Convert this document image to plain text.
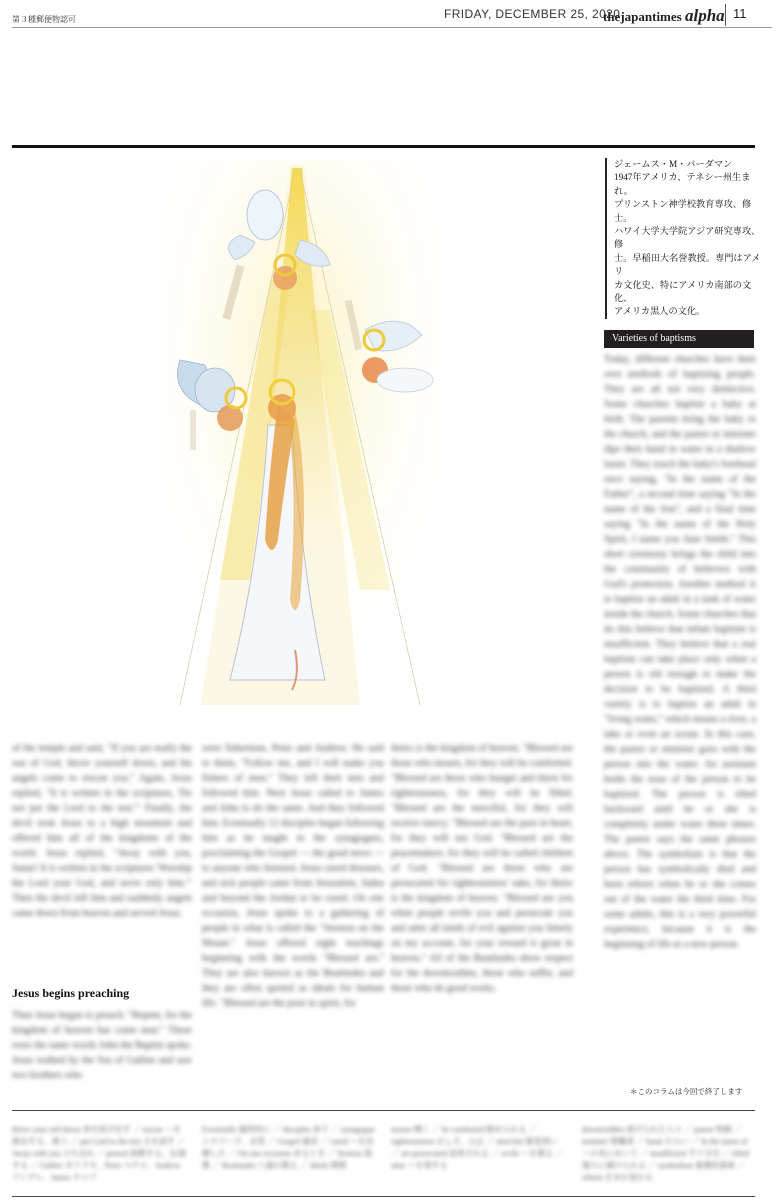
第３種郵便物認可	FRIDAY, DECEMBER 25, 2020
thejapantimes alpha 11
ジェームス・M・バーダマン
1947年アメリカ、テネシー州生まれ。
プリンストン神学校教育専攻、修士。
ハワイ大学大学院アジア研究専攻、修
士。早稲田大名誉教授。専門はアメリ
カ文化史、特にアメリカ南部の文化、
アメリカ黒人の文化。
Varieties of baptisms
Today, different churches have their own methods of baptizing people. They are all not very distinctive. Some churches baptize a baby at birth. The parents bring the baby to the church, and the pastor or minister dips their hand in water in a shallow basin. They touch the baby's forehead once saying, "In the name of the Father", a second time saying "In the name of the Son", and a final time saying "In the name of the Holy Spirit, I name you Jane Smith." This short ceremony brings the child into the community of believers with God's protection. Another method is to baptize an adult in a tank of water inside the church. Some churches that do this believe that infant baptism is insufficient. They believe that a real baptism can take place only when a person is old enough to make the decision to be baptized. A third variety is to baptize an adult in "living water," which means a river, a lake or even an ocean. In this case, the pastor or minister goes with the person into the water. An assistant holds the nose of the person to be baptized. The person is tilted backward until he or she is completely under water three times. The pastor says the same phrases above. The symbolism is that the person has symbolically died and been reborn when he or she comes out of the water the third time. For some adults, this is a very powerful experience, because it is the beginning of life as a new person.
of the temple and said, "If you are really the son of God, throw yourself down, and his angels come to rescue you." Again, Jesus replied, "It is written in the scriptures, 'Do not put the Lord to the test.'" Finally, the devil took Jesus to a high mountain and offered him all of the kingdoms of the world. Jesus replied, "Away with you, Satan! It is written in the scriptures 'Worship the Lord your God, and serve only him.'" Then the devil left him and suddenly angels came down from heaven and served Jesus.
Jesus begins preaching
Then Jesus began to preach: "Repent, for the kingdom of heaven has come near." These were the same words John the Baptist spoke. Jesus walked by the Sea of Galilee and saw two brothers who
were fishermen, Peter and Andrew. He said to them, "Follow me, and I will make you fishers of men." They left their nets and followed him. Next Jesus called to James and John to do the same. And they followed him. Eventually 12 disciples began following him as he taught in the synagogues, proclaiming the Gospel — the good news — to anyone who listened. Jesus cured diseases, and sick people came from Jerusalem, Judea and beyond the Jordan to be cured. On one occasion, Jesus spoke to a gathering of people in what is called the "Sermon on the Mount." Jesus offered eight teachings beginning with the words "Blessed are." They are also known as the Beatitudes and they are often quoted as ideals for human life. "Blessed are the poor in spirit, for
theirs is the kingdom of heaven. "Blessed are those who mourn, for they will be comforted. "Blessed are those who hunger and thirst for righteousness, for they will be filled. "Blessed are the merciful, for they will receive mercy. "Blessed are the pure in heart, for they will see God. "Blessed are the peacemakers, for they will be called children of God. "Blessed are those who are persecuted for righteousness' sake, for theirs is the kingdom of heaven. "Blessed are you when people revile you and persecute you and utter all kinds of evil against you falsely on my account, for your reward is great in heaven." All of the Beatitudes show respect for the downtrodden, those who suffer, and those who do good works.
＊このコラムは今回で終了します
throw your self down 身を投げ出す ／ rescue ～を救出する、救う ／ put Lord to the test 主を試す ／ Away with you 立ち去れ ／ preach 説教する、伝道する ／ Galilee ガリラヤ、Peter ペテロ、Andrew アンデレ、James ヤコブ
Eventually 最終的に ／ disciples 弟子 ／ synagogue シナゴーグ、会堂 ／ Gospel 福音 ／ cured ～を治療した ／ On one occasion あるとき ／ Sermon 説教 ／ Beatitudes 八福の教え ／ ideals 理想
mourn 嘆く ／ be comforted 慰められる ／ righteousness 正しさ、公正 ／ merciful 慈悲深い ／ are persecuted 迫害される ／ revile ～を罵る ／ utter ～を発する
downtrodden 虐げられた人々 ／ pastor 牧師 ／ minister 聖職者 ／ basin たらい ／ In the name of ～の名において ／ insufficient 不十分な ／ tilted 後ろに傾けられる ／ symbolism 象徴的意味 ／ reborn 生まれ変わる
